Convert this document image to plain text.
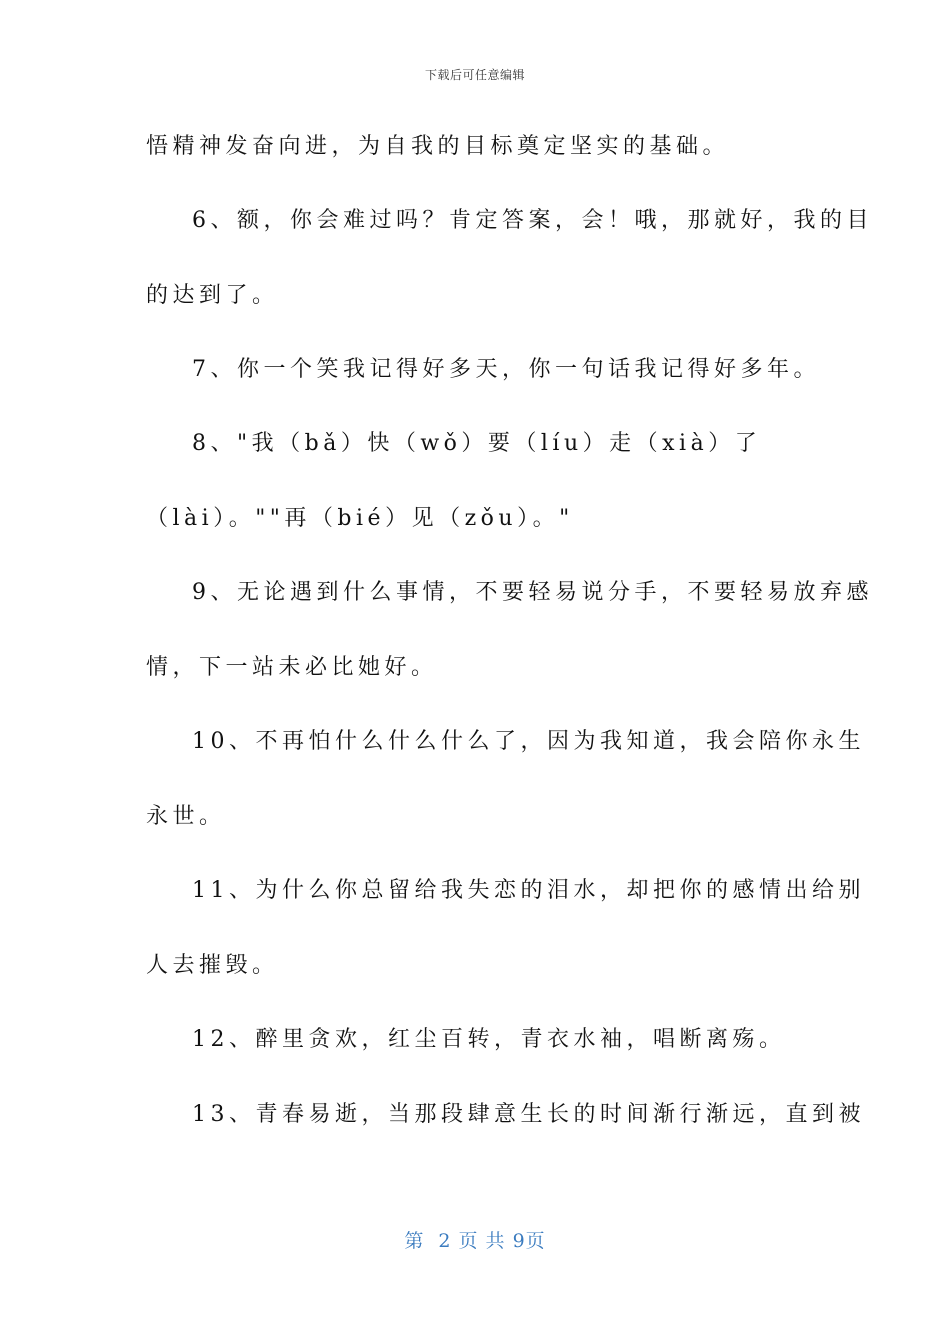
下载后可任意编辑
悟精神发奋向进，为自我的目标奠定坚实的基础。
6、额，你会难过吗？肯定答案，会！哦，那就好，我的目
的达到了。
7、你一个笑我记得好多天，你一句话我记得好多年。
8、"我（bǎ）快（wǒ）要（líu）走（xià）了
（lài）。""再（bié）见（zǒu）。"
9、无论遇到什么事情，不要轻易说分手，不要轻易放弃感
情，下一站未必比她好。
10、不再怕什么什么什么了，因为我知道，我会陪你永生
永世。
11、为什么你总留给我失恋的泪水，却把你的感情出给别
人去摧毁。
12、醉里贪欢，红尘百转，青衣水袖，唱断离殇。
13、青春易逝，当那段肆意生长的时间渐行渐远，直到被
第  2 页 共 9页
